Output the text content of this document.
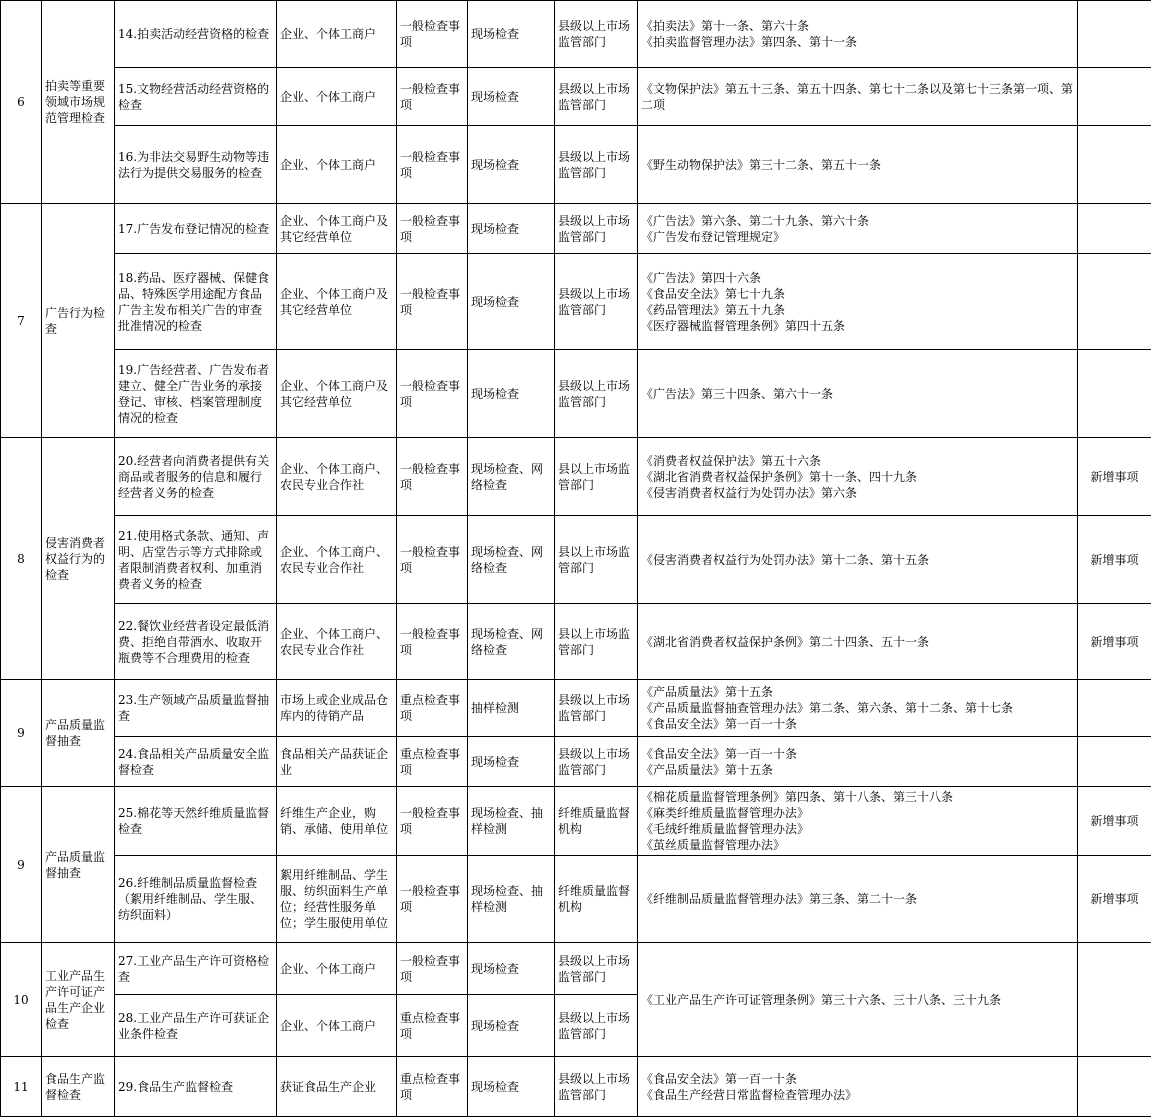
6	拍卖等重要领域市场规范管理检查	14.拍卖活动经营资格的检查	企业、个体工商户	一般检查事项	现场检查	县级以上市场监管部门	《拍卖法》第十一条、第六十条
《拍卖监督管理办法》第四条、第十一条	

		15.文物经营活动经营资格的检查	企业、个体工商户	一般检查事项	现场检查	县级以上市场监管部门	《文物保护法》第五十三条、第五十四条、第七十二条以及第七十三条第一项、第二项	

		16.为非法交易野生动物等违法行为提供交易服务的检查	企业、个体工商户	一般检查事项	现场检查	县级以上市场监管部门	《野生动物保护法》第三十二条、第五十一条	

7	广告行为检查	17.广告发布登记情况的检查	企业、个体工商户及其它经营单位	一般检查事项	现场检查	县级以上市场监管部门	《广告法》第六条、第二十九条、第六十条
《广告发布登记管理规定》	

		18.药品、医疗器械、保健食品、特殊医学用途配方食品广告主发布相关广告的审查批准情况的检查	企业、个体工商户及其它经营单位	一般检查事项	现场检查	县级以上市场监管部门	《广告法》第四十六条
《食品安全法》第七十九条
《药品管理法》第五十九条
《医疗器械监督管理条例》第四十五条	

		19.广告经营者、广告发布者建立、健全广告业务的承接登记、审核、档案管理制度情况的检查	企业、个体工商户及其它经营单位	一般检查事项	现场检查	县级以上市场监管部门	《广告法》第三十四条、第六十一条	

8	侵害消费者权益行为的检查	20.经营者向消费者提供有关商品或者服务的信息和履行经营者义务的检查	企业、个体工商户、农民专业合作社	一般检查事项	现场检查、网络检查	县以上市场监管部门	《消费者权益保护法》第五十六条
《湖北省消费者权益保护条例》第十一条、四十九条
《侵害消费者权益行为处罚办法》第六条	新增事项
		21.使用格式条款、通知、声明、店堂告示等方式排除或者限制消费者权利、加重消费者义务的检查	企业、个体工商户、农民专业合作社	一般检查事项	现场检查、网络检查	县以上市场监管部门	《侵害消费者权益行为处罚办法》第十二条、第十五条	新增事项
		22.餐饮业经营者设定最低消费、拒绝自带酒水、收取开瓶费等不合理费用的检查	企业、个体工商户、农民专业合作社	一般检查事项	现场检查、网络检查	县以上市场监管部门	《湖北省消费者权益保护条例》第二十四条、五十一条	新增事项
9	产品质量监督抽查	23.生产领域产品质量监督抽查	市场上或企业成品仓库内的待销产品	重点检查事项	抽样检测	县级以上市场监管部门	《产品质量法》第十五条
《产品质量监督抽查管理办法》第二条、第六条、第十二条、第十七条
《食品安全法》第一百一十条	

		24.食品相关产品质量安全监督检查	食品相关产品获证企业	重点检查事项	现场检查	县级以上市场监管部门	《食品安全法》第一百一十条
《产品质量法》第十五条	

9	产品质量监督抽查	25.棉花等天然纤维质量监督检查	纤维生产企业，购销、承储、使用单位	一般检查事项	现场检查、抽样检测	纤维质量监督机构	《棉花质量监督管理条例》第四条、第十八条、第三十八条
《麻类纤维质量监督管理办法》
《毛绒纤维质量监督管理办法》
《茧丝质量监督管理办法》	新增事项
		26.纤维制品质量监督检查（絮用纤维制品、学生服、纺织面料）	絮用纤维制品、学生服、纺织面料生产单位；经营性服务单位；学生服使用单位	一般检查事项	现场检查、抽样检测	纤维质量监督机构	《纤维制品质量监督管理办法》第三条、第二十一条	新增事项
10	工业产品生产许可证产品生产企业检查	27.工业产品生产许可资格检查	企业、个体工商户	一般检查事项	现场检查	县级以上市场监管部门	《工业产品生产许可证管理条例》第三十六条、三十八条、三十九条	

		28.工业产品生产许可获证企业条件检查	企业、个体工商户	重点检查事项	现场检查	县级以上市场监管部门		
11	食品生产监督检查	29.食品生产监督检查	获证食品生产企业	重点检查事项	现场检查	县级以上市场监管部门	《食品安全法》第一百一十条
《食品生产经营日常监督检查管理办法》	
